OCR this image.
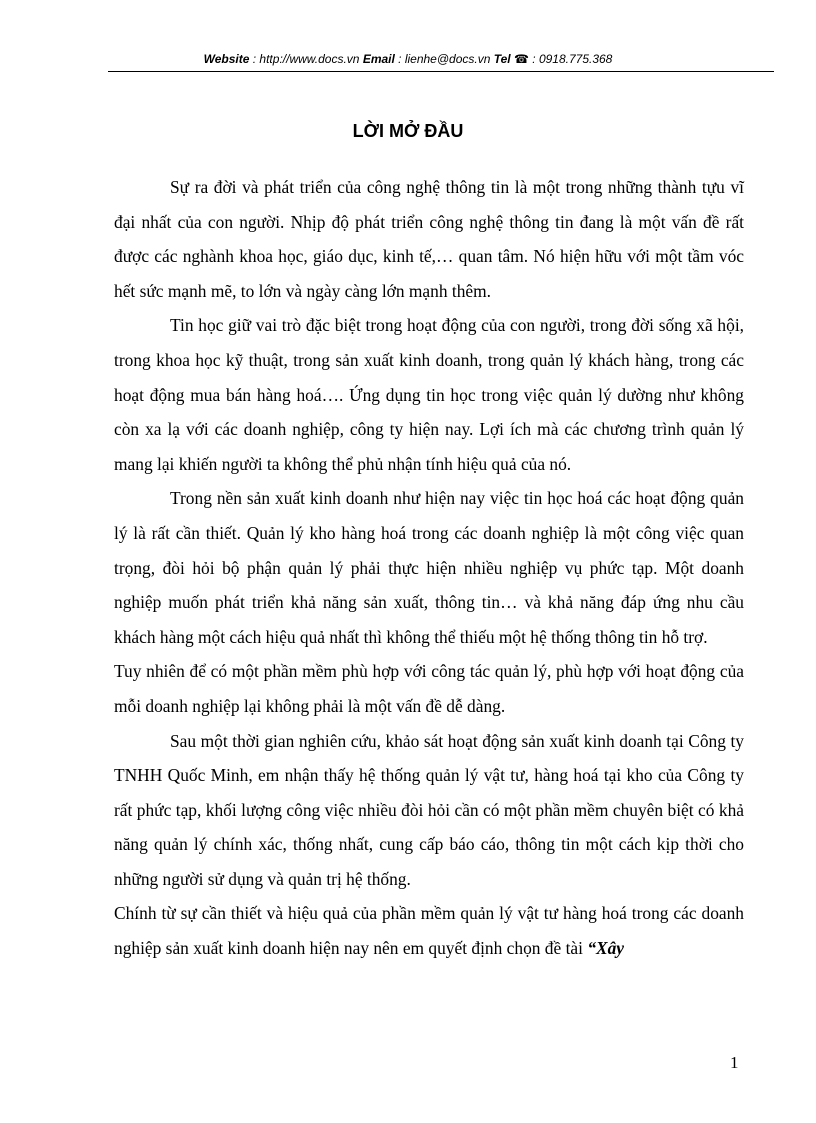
Website : http://www.docs.vn Email : lienhe@docs.vn Tel ☎ : 0918.775.368
LỜI MỞ ĐẦU

Sự ra đời và phát triển của công nghệ thông tin là một trong những thành tựu vĩ đại nhất của con người. Nhịp độ phát triển công nghệ thông tin đang là một vấn đề rất được các nghành khoa học, giáo dục, kinh tế,… quan tâm. Nó hiện hữu với một tầm vóc hết sức mạnh mẽ, to lớn và ngày càng lớn mạnh thêm.

Tin học giữ vai trò đặc biệt trong hoạt động của con người, trong đời sống xã hội, trong khoa học kỹ thuật, trong sản xuất kinh doanh, trong quản lý khách hàng, trong các hoạt động mua bán hàng hoá…. Ứng dụng tin học trong việc quản lý dường như không còn xa lạ với các doanh nghiệp, công ty hiện nay. Lợi ích mà các chương trình quản lý mang lại khiến người ta không thể phủ nhận tính hiệu quả của nó.

Trong nền sản xuất kinh doanh như hiện nay việc tin học hoá các hoạt động quản lý là rất cần thiết. Quản lý kho hàng hoá trong các doanh nghiệp là một công việc quan trọng, đòi hỏi bộ phận quản lý phải thực hiện nhiều nghiệp vụ phức tạp. Một doanh nghiệp muốn phát triển khả năng sản xuất, thông tin… và khả năng đáp ứng nhu cầu khách hàng một cách hiệu quả nhất thì không thể thiếu một hệ thống thông tin hỗ trợ.

Tuy nhiên để có một phần mềm phù hợp với công tác quản lý, phù hợp với hoạt động của mỗi doanh nghiệp lại không phải là một vấn đề dễ dàng.

Sau một thời gian nghiên cứu, khảo sát hoạt động sản xuất kinh doanh tại Công ty TNHH Quốc Minh, em nhận thấy hệ thống quản lý vật tư, hàng hoá tại kho của Công ty rất phức tạp, khối lượng công việc nhiều đòi hỏi cần có một phần mềm chuyên biệt có khả năng quản lý chính xác, thống nhất, cung cấp báo cáo, thông tin một cách kịp thời cho những người sử dụng và quản trị hệ thống.

Chính từ sự cần thiết và hiệu quả của phần mềm quản lý vật tư hàng hoá trong các doanh nghiệp sản xuất kinh doanh hiện nay nên em quyết định chọn đề tài “Xây

1
